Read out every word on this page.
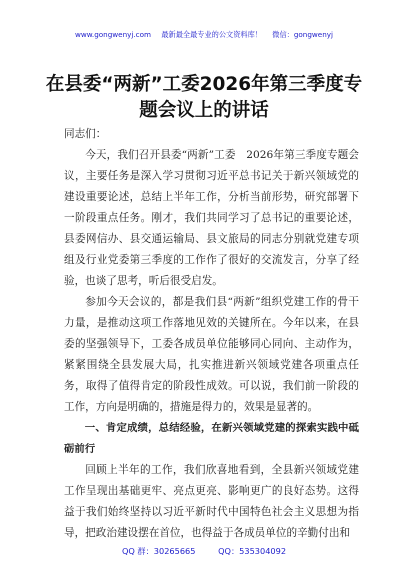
www.gongwenyj.com 最新最全最专业的公文资料库！ 微信：gongwenyj
在县委“两新”工委2026年第三季度专题会议上的讲话

同志们：

今天，我们召开县委“两新”工委　2026年第三季度专题会议，主要任务是深入学习贯彻习近平总书记关于新兴领域党的建设重要论述，总结上半年工作，分析当前形势，研究部署下一阶段重点任务。刚才，我们共同学习了总书记的重要论述，县委网信办、县交通运输局、县文旅局的同志分别就党建专项组及行业党委第三季度的工作作了很好的交流发言，分享了经验，也谈了思考，听后很受启发。

参加今天会议的，都是我们县“两新”组织党建工作的骨干力量，是推动这项工作落地见效的关键所在。今年以来，在县委的坚强领导下，工委各成员单位能够同心同向、主动作为，紧紧围绕全县发展大局，扎实推进新兴领域党建各项重点任务，取得了值得肯定的阶段性成效。可以说，我们前一阶段的工作，方向是明确的，措施是得力的，效果是显著的。

一、肯定成绩，总结经验，在新兴领域党建的探索实践中砥砺前行

回顾上半年的工作，我们欣喜地看到，全县新兴领域党建工作呈现出基础更牢、亮点更亮、影响更广的良好态势。这得益于我们始终坚持以习近平新时代中国特色社会主义思想为指导，把政治建设摆在首位，也得益于各成员单位的辛勤付出和

QQ 群：30265665	QQ：535304092
